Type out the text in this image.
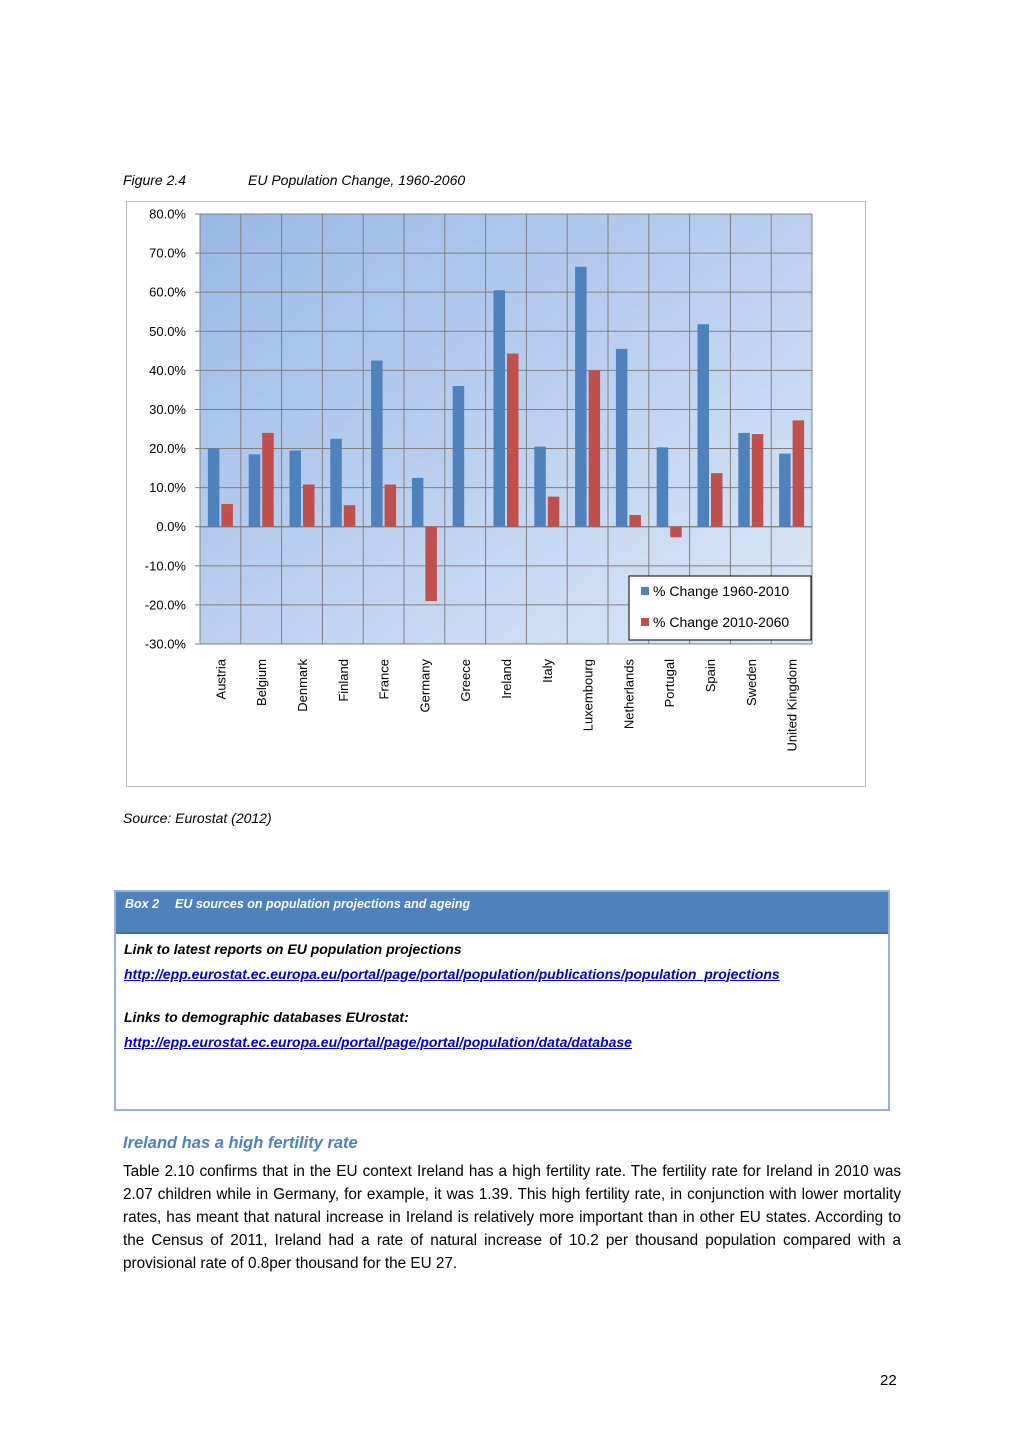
Figure 2.4	EU Population Change, 1960-2060
80.0%
70.0%
60.0%
50.0%
40.0%
30.0%
20.0%
10.0%
0.0%
-10.0%
-20.0%
-30.0%
Austria Belgium Denmark Finland France Germany Greece Ireland Italy Luxembourg Netherlands Portugal Spain Sweden United Kingdom
% Change 1960-2010
% Change 2010-2060
Source: Eurostat (2012)
Box 2 EU sources on population projections and ageing
Link to latest reports on EU population projections
http://epp.eurostat.ec.europa.eu/portal/page/portal/population/publications/population_projections
Links to demographic databases EUrostat:
http://epp.eurostat.ec.europa.eu/portal/page/portal/population/data/database
Ireland has a high fertility rate
Table 2.10 confirms that in the EU context Ireland has a high fertility rate. The fertility rate for Ireland in 2010 was 2.07 children while in Germany, for example, it was 1.39. This high fertility rate, in conjunction with lower mortality rates, has meant that natural increase in Ireland is relatively more important than in other EU states. According to the Census of 2011, Ireland had a rate of natural increase of 10.2 per thousand population compared with a provisional rate of 0.8per thousand for the EU 27.
22
